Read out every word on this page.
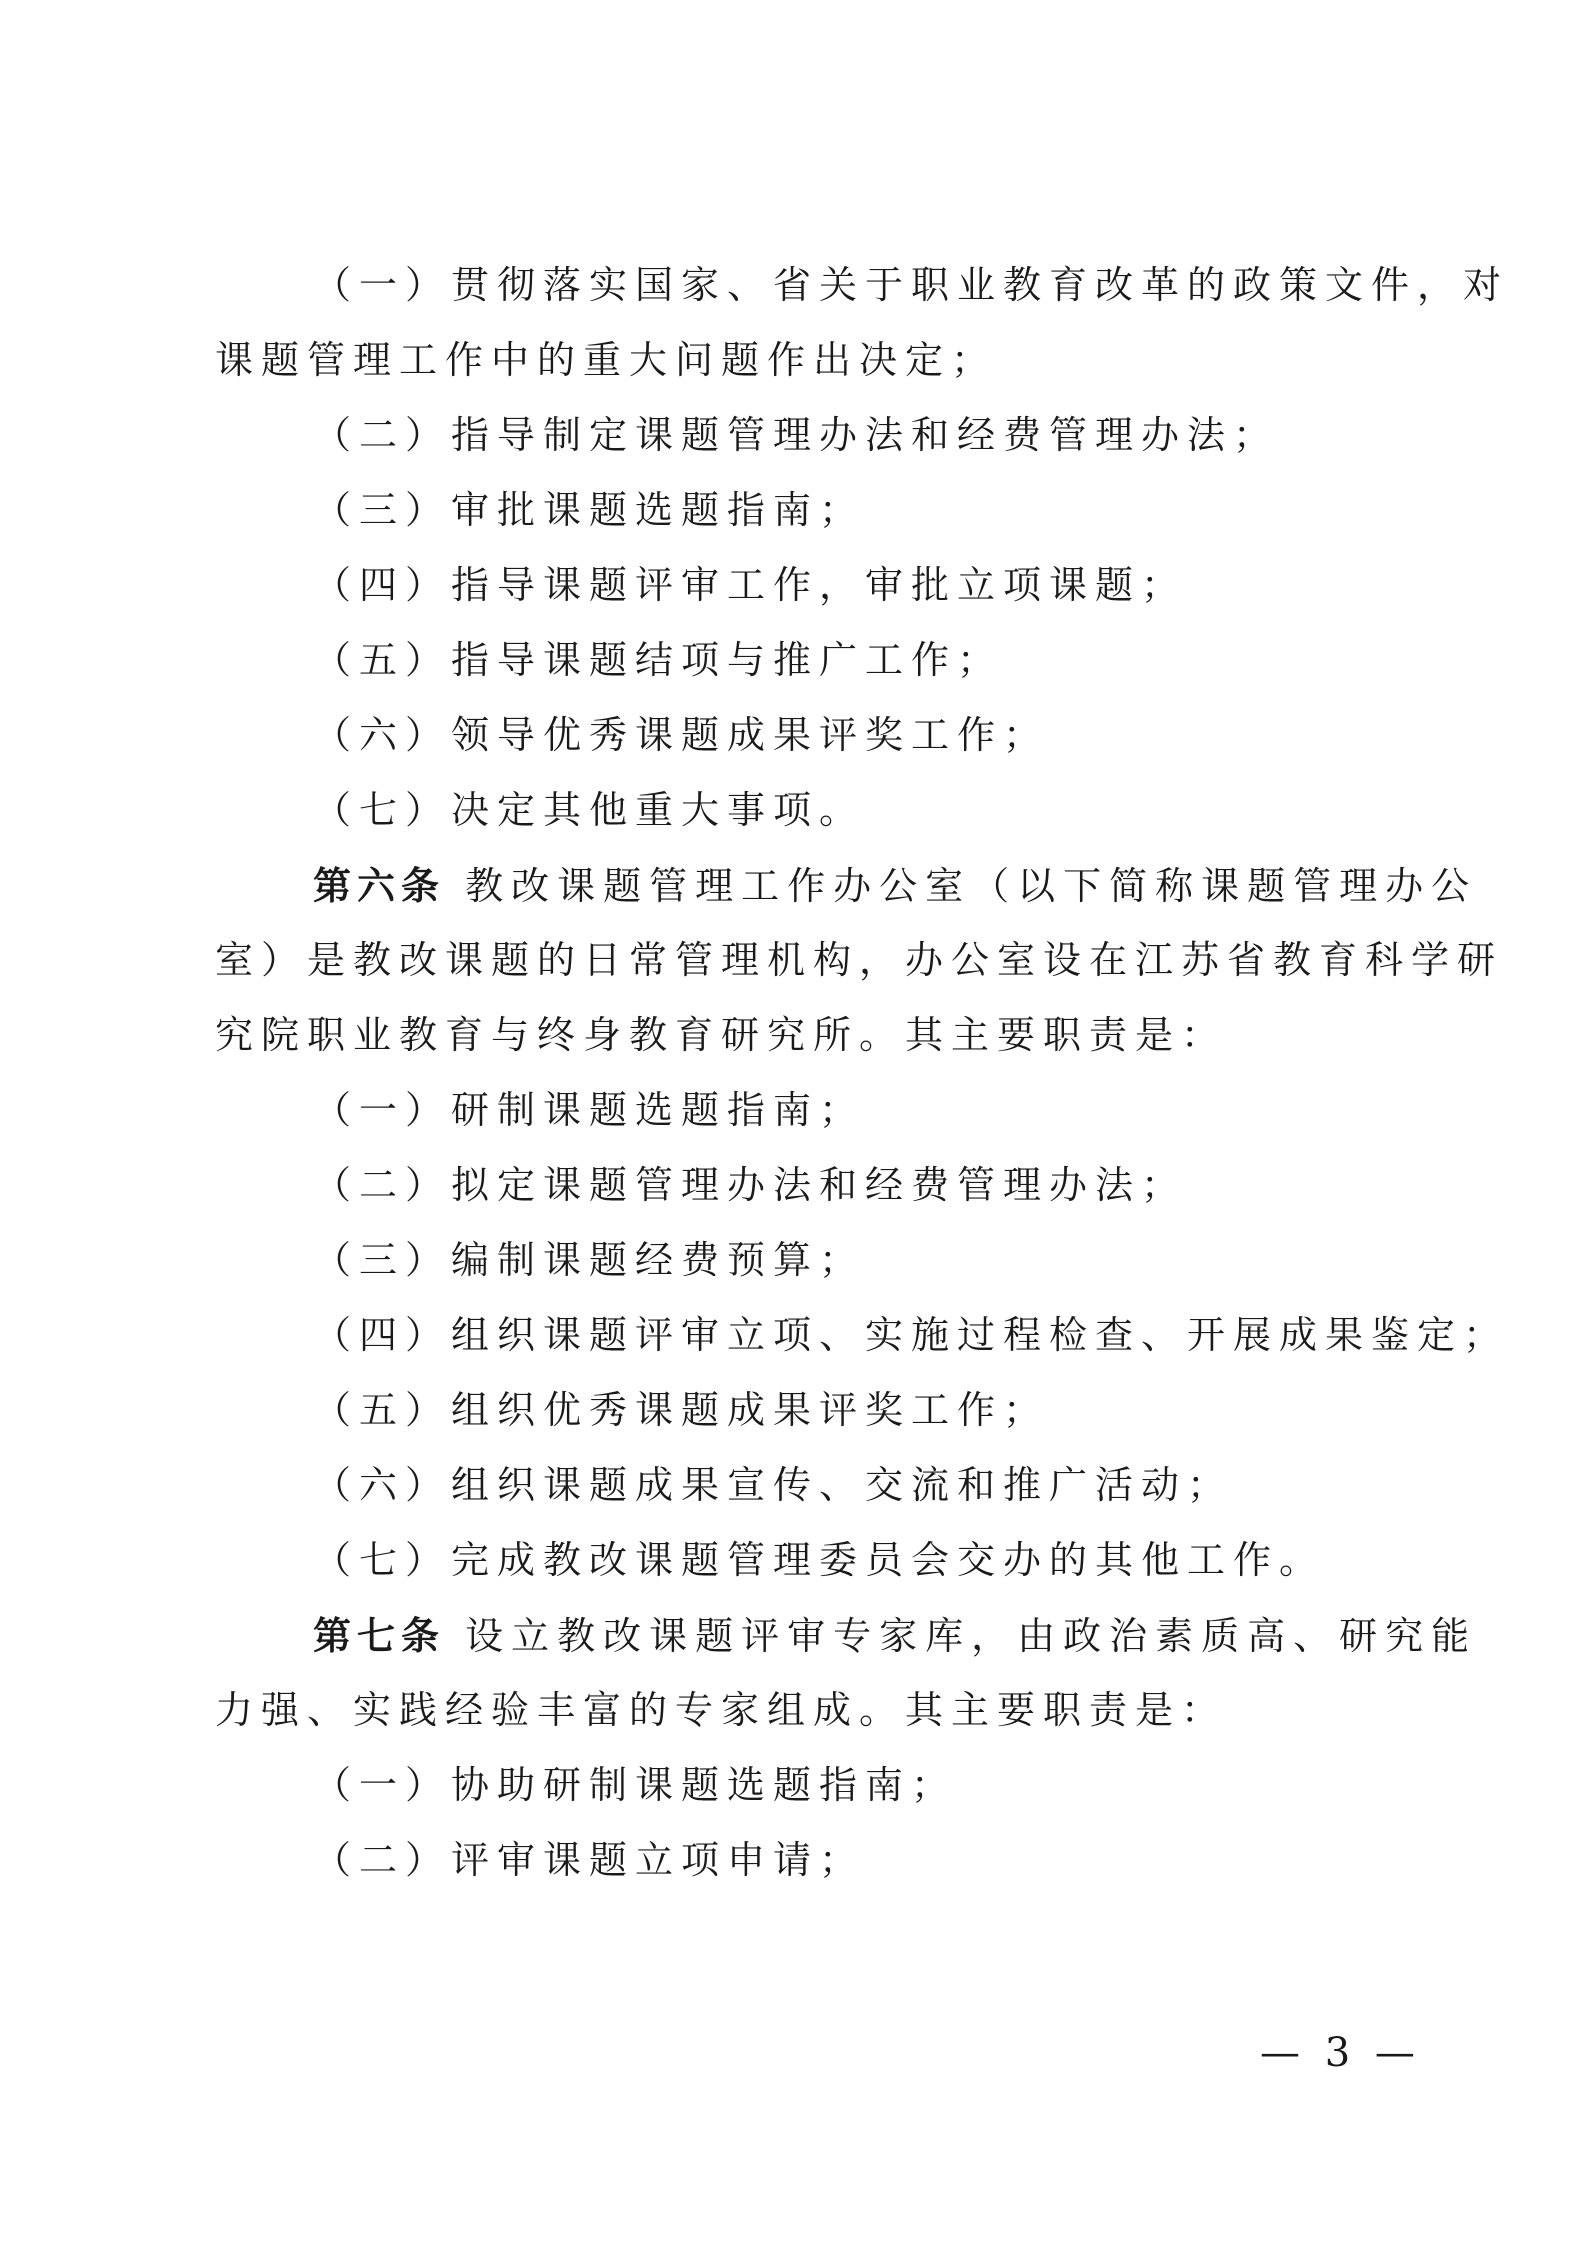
（一）贯彻落实国家、省关于职业教育改革的政策文件，对

课题管理工作中的重大问题作出决定；

（二）指导制定课题管理办法和经费管理办法；

（三）审批课题选题指南；

（四）指导课题评审工作，审批立项课题；

（五）指导课题结项与推广工作；

（六）领导优秀课题成果评奖工作；

（七）决定其他重大事项。

第六条 教改课题管理工作办公室（以下简称课题管理办公

室）是教改课题的日常管理机构，办公室设在江苏省教育科学研

究院职业教育与终身教育研究所。其主要职责是：

（一）研制课题选题指南；

（二）拟定课题管理办法和经费管理办法；

（三）编制课题经费预算；

（四）组织课题评审立项、实施过程检查、开展成果鉴定；

（五）组织优秀课题成果评奖工作；

（六）组织课题成果宣传、交流和推广活动；

（七）完成教改课题管理委员会交办的其他工作。

第七条 设立教改课题评审专家库，由政治素质高、研究能

力强、实践经验丰富的专家组成。其主要职责是：

（一）协助研制课题选题指南；

（二）评审课题立项申请；

— 3 —
